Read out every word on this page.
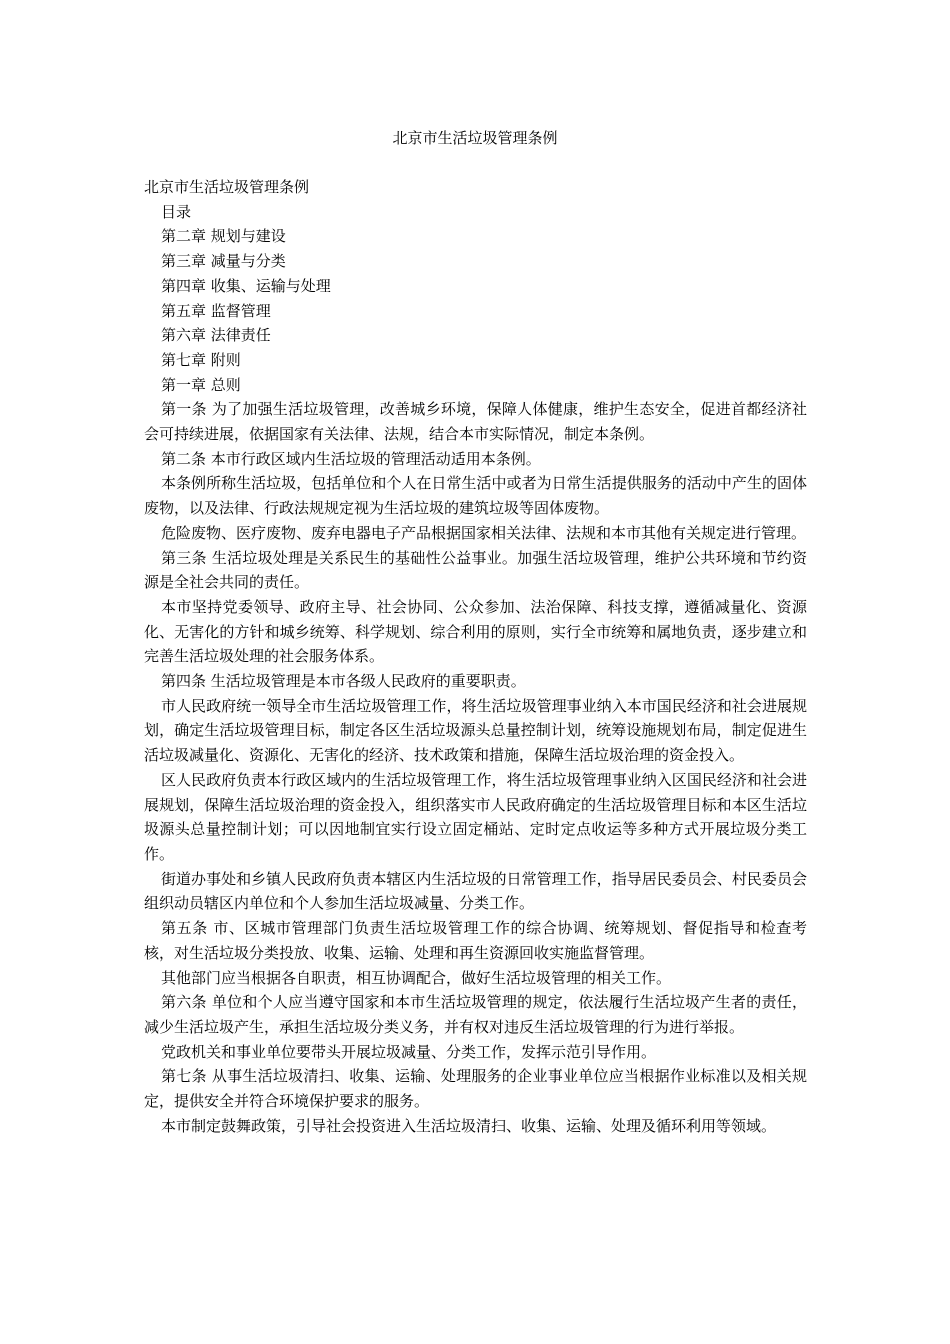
北京市生活垃圾管理条例

北京市生活垃圾管理条例

目录

第二章 规划与建设

第三章 减量与分类

第四章 收集、运输与处理

第五章 监督管理

第六章 法律责任

第七章 附则

第一章 总则

第一条 为了加强生活垃圾管理，改善城乡环境，保障人体健康，维护生态安全，促进首都经济社会可持续进展，依据国家有关法律、法规，结合本市实际情况，制定本条例。

第二条 本市行政区域内生活垃圾的管理活动适用本条例。

本条例所称生活垃圾，包括单位和个人在日常生活中或者为日常生活提供服务的活动中产生的固体废物，以及法律、行政法规规定视为生活垃圾的建筑垃圾等固体废物。

危险废物、医疗废物、废弃电器电子产品根据国家相关法律、法规和本市其他有关规定进行管理。

第三条 生活垃圾处理是关系民生的基础性公益事业。加强生活垃圾管理，维护公共环境和节约资源是全社会共同的责任。

本市坚持党委领导、政府主导、社会协同、公众参加、法治保障、科技支撑，遵循减量化、资源化、无害化的方针和城乡统筹、科学规划、综合利用的原则，实行全市统筹和属地负责，逐步建立和完善生活垃圾处理的社会服务体系。

第四条 生活垃圾管理是本市各级人民政府的重要职责。

市人民政府统一领导全市生活垃圾管理工作，将生活垃圾管理事业纳入本市国民经济和社会进展规划，确定生活垃圾管理目标，制定各区生活垃圾源头总量控制计划，统筹设施规划布局，制定促进生活垃圾减量化、资源化、无害化的经济、技术政策和措施，保障生活垃圾治理的资金投入。

区人民政府负责本行政区域内的生活垃圾管理工作，将生活垃圾管理事业纳入区国民经济和社会进展规划，保障生活垃圾治理的资金投入，组织落实市人民政府确定的生活垃圾管理目标和本区生活垃圾源头总量控制计划；可以因地制宜实行设立固定桶站、定时定点收运等多种方式开展垃圾分类工作。

街道办事处和乡镇人民政府负责本辖区内生活垃圾的日常管理工作，指导居民委员会、村民委员会组织动员辖区内单位和个人参加生活垃圾减量、分类工作。

第五条 市、区城市管理部门负责生活垃圾管理工作的综合协调、统筹规划、督促指导和检查考核，对生活垃圾分类投放、收集、运输、处理和再生资源回收实施监督管理。

其他部门应当根据各自职责，相互协调配合，做好生活垃圾管理的相关工作。

第六条 单位和个人应当遵守国家和本市生活垃圾管理的规定，依法履行生活垃圾产生者的责任，减少生活垃圾产生，承担生活垃圾分类义务，并有权对违反生活垃圾管理的行为进行举报。

党政机关和事业单位要带头开展垃圾减量、分类工作，发挥示范引导作用。

第七条 从事生活垃圾清扫、收集、运输、处理服务的企业事业单位应当根据作业标准以及相关规定，提供安全并符合环境保护要求的服务。

本市制定鼓舞政策，引导社会投资进入生活垃圾清扫、收集、运输、处理及循环利用等领域。
